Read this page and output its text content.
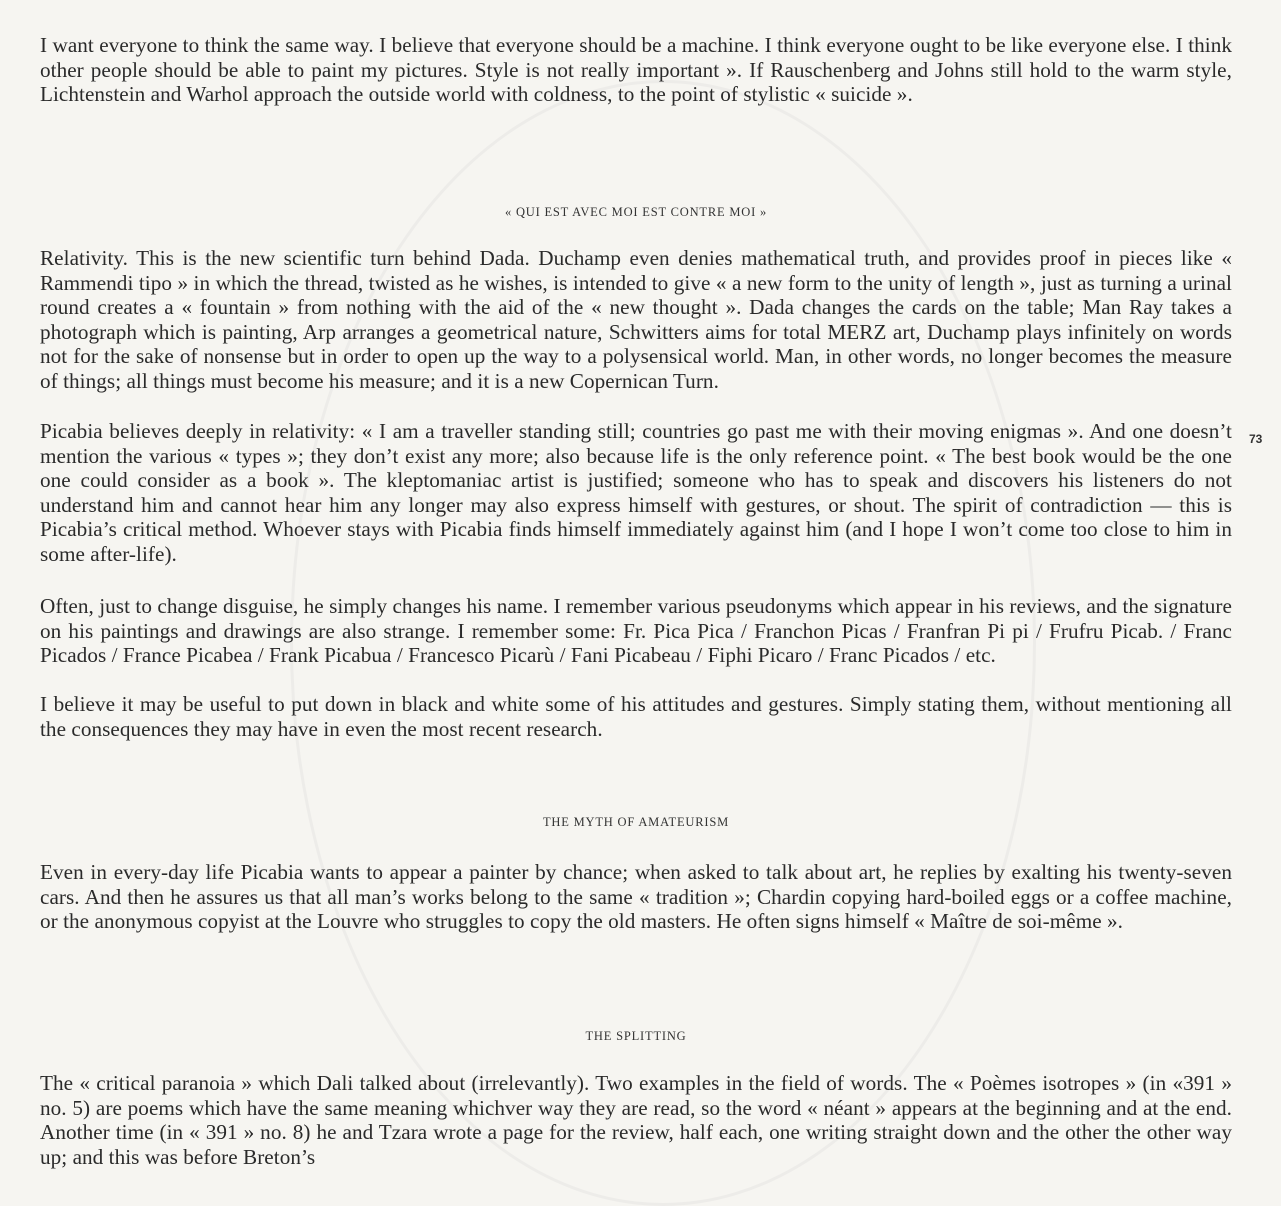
I want everyone to think the same way. I believe that everyone should be a machine. I think everyone ought to be like everyone else. I think other people should be able to paint my pictures. Style is not really important ». If Rauschenberg and Johns still hold to the warm style, Lichtenstein and Warhol approach the outside world with coldness, to the point of stylistic « suicide ».

« QUI EST AVEC MOI EST CONTRE MOI »

Relativity. This is the new scientific turn behind Dada. Duchamp even denies mathematical truth, and provides proof in pieces like « Rammendi tipo » in which the thread, twisted as he wishes, is intended to give « a new form to the unity of length », just as turning a urinal round creates a « fountain » from nothing with the aid of the « new thought ». Dada changes the cards on the table; Man Ray takes a photograph which is painting, Arp arranges a geometrical nature, Schwitters aims for total MERZ art, Duchamp plays infinitely on words not for the sake of nonsense but in order to open up the way to a polysensical world. Man, in other words, no longer becomes the measure of things; all things must become his measure; and it is a new Copernican Turn.

Picabia believes deeply in relativity: « I am a traveller standing still; countries go past me with their moving enigmas ». And one doesn’t mention the various « types »; they don’t exist any more; also because life is the only reference point. « The best book would be the one one could consider as a book ». The kleptomaniac artist is justified; someone who has to speak and discovers his listeners do not understand him and cannot hear him any longer may also express himself with gestures, or shout. The spirit of contradiction — this is Picabia’s critical method. Whoever stays with Picabia finds himself immediately against him (and I hope I won’t come too close to him in some after-life).

Often, just to change disguise, he simply changes his name. I remember various pseudonyms which appear in his reviews, and the signature on his paintings and drawings are also strange. I remember some: Fr. Pica Pica / Franchon Picas / Franfran Pi pi / Frufru Picab. / Franc Picados / France Picabea / Frank Picabua / Francesco Picarù / Fani Picabeau / Fiphi Picaro / Franc Picados / etc.

I believe it may be useful to put down in black and white some of his attitudes and gestures. Simply stating them, without mentioning all the consequences they may have in even the most recent research.

73
THE MYTH OF AMATEURISM

Even in every-day life Picabia wants to appear a painter by chance; when asked to talk about art, he replies by exalting his twenty-seven cars. And then he assures us that all man’s works belong to the same « tradition »; Chardin copying hard-boiled eggs or a coffee machine, or the anonymous copyist at the Louvre who struggles to copy the old masters. He often signs himself « Maître de soi-même ».

THE SPLITTING

The « critical paranoia » which Dali talked about (irrelevantly). Two examples in the field of words. The « Poèmes isotropes » (in «391 » no. 5) are poems which have the same meaning whichver way they are read, so the word « néant » appears at the beginning and at the end. Another time (in « 391 » no. 8) he and Tzara wrote a page for the review, half each, one writing straight down and the other the other way up; and this was before Breton’s
